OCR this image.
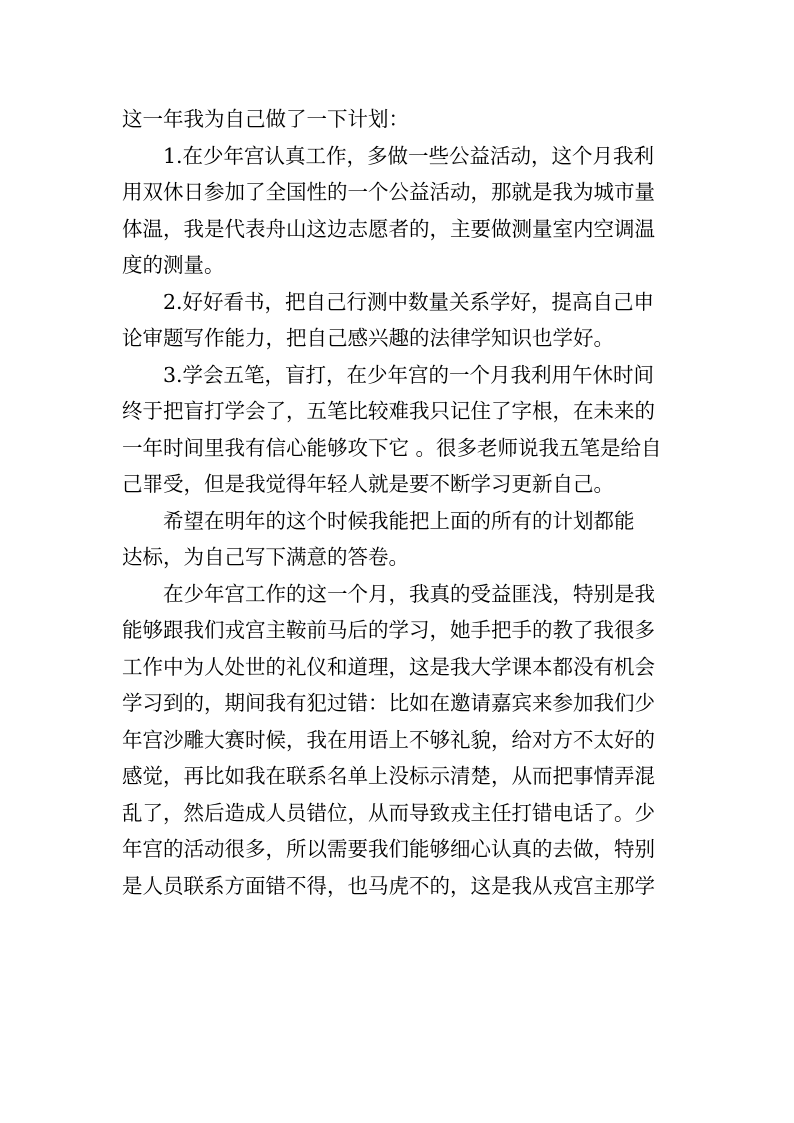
这一年我为自己做了一下计划：
1.在少年宫认真工作，多做一些公益活动，这个月我利
用双休日参加了全国性的一个公益活动，那就是我为城市量
体温，我是代表舟山这边志愿者的，主要做测量室内空调温
度的测量。
2.好好看书，把自己行测中数量关系学好，提高自己申
论审题写作能力，把自己感兴趣的法律学知识也学好。
3.学会五笔，盲打，在少年宫的一个月我利用午休时间
终于把盲打学会了，五笔比较难我只记住了字根，在未来的
一年时间里我有信心能够攻下它 。很多老师说我五笔是给自
己罪受，但是我觉得年轻人就是要不断学习更新自己。
希望在明年的这个时候我能把上面的所有的计划都能
达标，为自己写下满意的答卷。
在少年宫工作的这一个月，我真的受益匪浅，特别是我
能够跟我们戎宫主鞍前马后的学习，她手把手的教了我很多
工作中为人处世的礼仪和道理，这是我大学课本都没有机会
学习到的，期间我有犯过错：比如在邀请嘉宾来参加我们少
年宫沙雕大赛时候，我在用语上不够礼貌，给对方不太好的
感觉，再比如我在联系名单上没标示清楚，从而把事情弄混
乱了，然后造成人员错位，从而导致戎主任打错电话了。少
年宫的活动很多，所以需要我们能够细心认真的去做，特别
是人员联系方面错不得，也马虎不的，这是我从戎宫主那学
